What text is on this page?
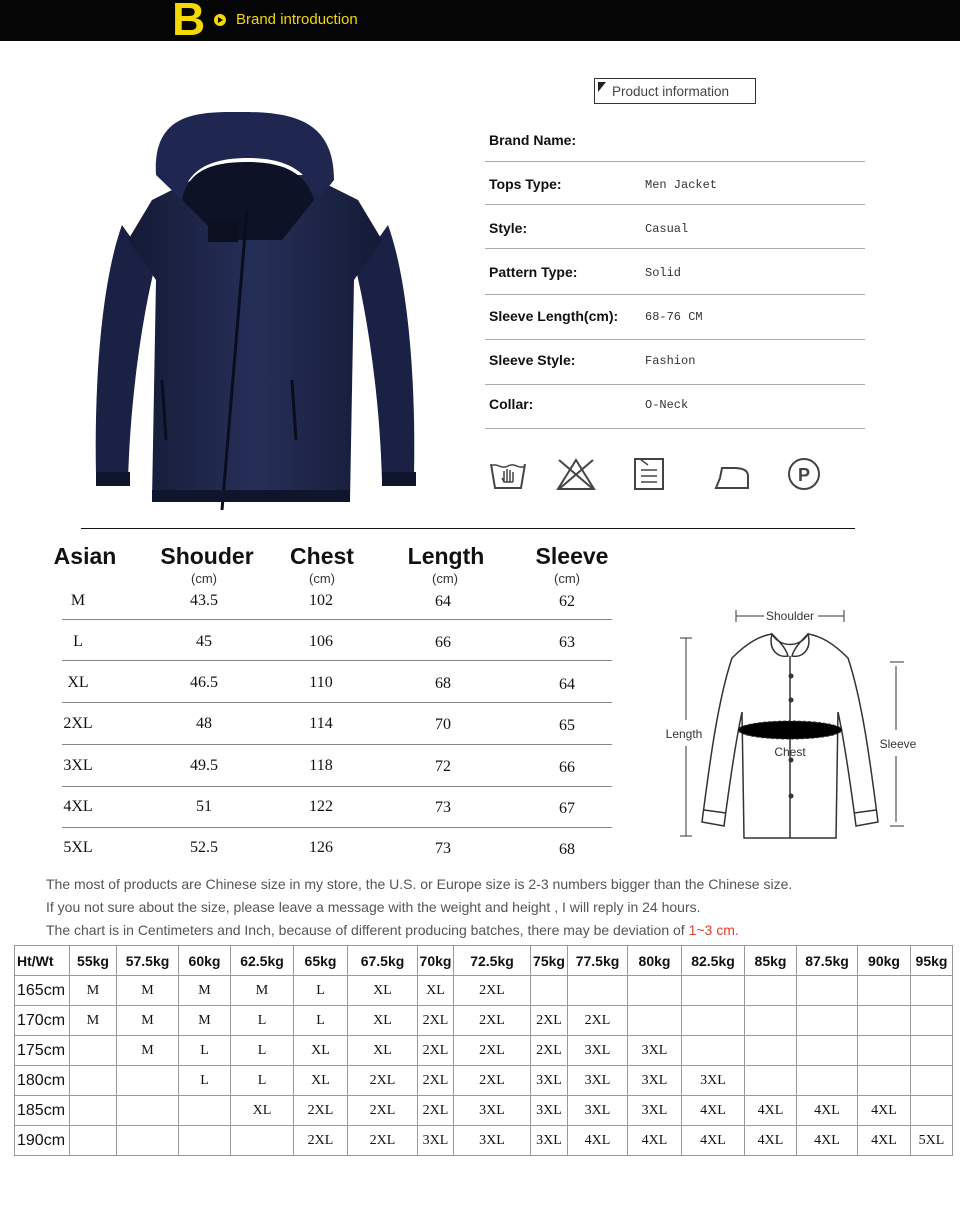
B Brand introduction
Product information
Brand Name:
Tops Type:	Men Jacket
Style:	Casual
Pattern Type:	Solid
Sleeve Length(cm): 68-76 CM
Sleeve Style:	Fashion
Collar:	O-Neck
P
Asian	Shouder	Chest	Length	Sleeve
(cm)	(cm)	(cm)	(cm)
M	43.5	102	64	62
L	45	106	66	63
XL	46.5	110	68	64
2XL	48	114	70	65
3XL	49.5	118	72	66
4XL	51	122	73	67
5XL	52.5	126	73	68
Shoulder
Length
Chest
Sleeve
The most of products are Chinese size in my store, the U.S. or Europe size is 2-3 numbers bigger than the Chinese size.
If you not sure about the size, please leave a message with the weight and height , I will reply in 24 hours.
The chart is in Centimeters and Inch, because of different producing batches, there may be deviation of 1~3 cm.
Ht/Wt	55kg	57.5kg	60kg	62.5kg	65kg	67.5kg	70kg	72.5kg	75kg	77.5kg	80kg	82.5kg	85kg	87.5kg	90kg	95kg
165cm	M	M	M	M	L	XL	XL	2XL								
170cm	M	M	M	L	L	XL	2XL	2XL	2XL	2XL						
175cm		M	L	L	XL	XL	2XL	2XL	2XL	3XL	3XL					
180cm			L	L	XL	2XL	2XL	2XL	3XL	3XL	3XL	3XL				
185cm				XL	2XL	2XL	2XL	3XL	3XL	3XL	3XL	4XL	4XL	4XL	4XL	
190cm					2XL	2XL	3XL	3XL	3XL	4XL	4XL	4XL	4XL	4XL	4XL	5XL
